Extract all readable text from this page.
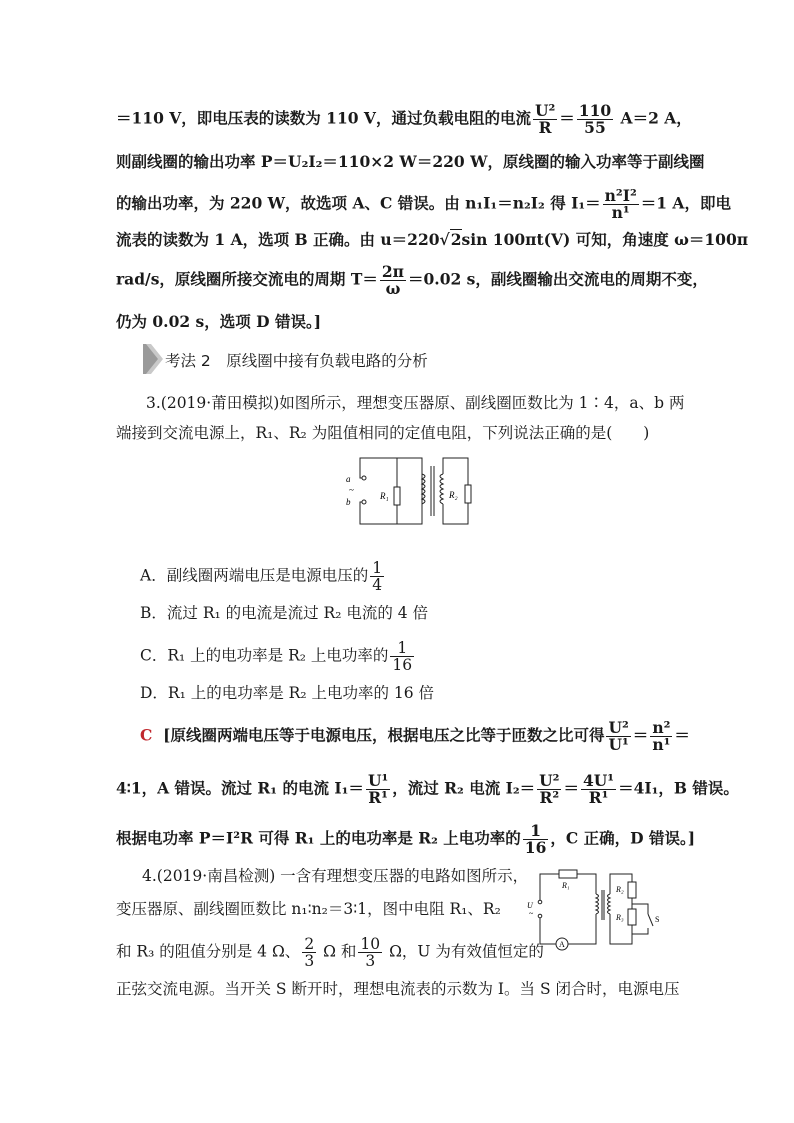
＝110 V，即电压表的读数为 110 V，通过负载电阻的电流 $\frac{\text{U²}}{R} = \frac{110}{55} A=2$ A，
则副线圈的输出功率 P＝U₂I₂＝110×2 W＝220 W，原线圈的输入功率等于副线圈
的输出功率，为 220 W，故选项 A、C 错误。由 n₁I₁＝n₂I₂ 得 $I_1= \frac{\text{n²I²}}{\text{n¹}} =1$ A，即电
流表的读数为 1 A，选项 B 正确。由 u＝220√2sin 100πt(V) 可知，角速度 ω＝100π
rad/s，原线圈所接交流电的周期 $T= \frac{2\pi}{\omega} =0.02$ s，副线圈输出交流电的周期不变，
仍为 0.02 s，选项 D 错误。]
考法 2　原线圈中接有负载电路的分析
3.(2019·莆田模拟)如图所示，理想变压器原、副线圈匝数比为 1∶4，a、b 两
端接到交流电源上，R₁、R₂ 为阻值相同的定值电阻，下列说法正确的是(　　)
a
~
b
R₁	R₂
A．副线圈两端电压是电源电压的 $\frac{1}{4}$
B．流过 R₁ 的电流是流过 R₂ 电流的 4 倍
C．R₁ 上的电功率是 R₂ 上电功率的 $\frac{1}{16}$
D．R₁ 上的电功率是 R₂ 上电功率的 16 倍
C [原线圈两端电压等于电源电压，根据电压之比等于匝数之比可得 $\frac{\text{U²}}{\text{U¹}} = \frac{\text{n²}}{\text{n¹}}$ ＝
4∶1，A 错误。流过 R₁ 的电流 $I_1= \frac{\text{U¹}}{\text{R¹}}$ ，流过 R₂ 电流 $I_2= \frac{\text{U²}}{\text{R²}} = \frac{\text{4U¹}}{\text{R¹}} =4I_1$，B 错误。
根据电功率 P＝I²R 可得 R₁ 上的电功率是 R₂ 上电功率的 $\frac{1}{16}$ ，C 正确，D 错误。]
4.(2019·南昌检测) 一含有理想变压器的电路如图所示，
变压器原、副线圈匝数比 n₁∶n₂＝3∶1，图中电阻 R₁、R₂
和 R₃ 的阻值分别是 4 Ω、 $\frac{2}{3}$ Ω 和 $\frac{10}{3}$ Ω，U 为有效值恒定的
正弦交流电源。当开关 S 断开时，理想电流表的示数为 I。当 S 闭合时，电源电压
R₁
U
~
A
R₂
R₃	S
